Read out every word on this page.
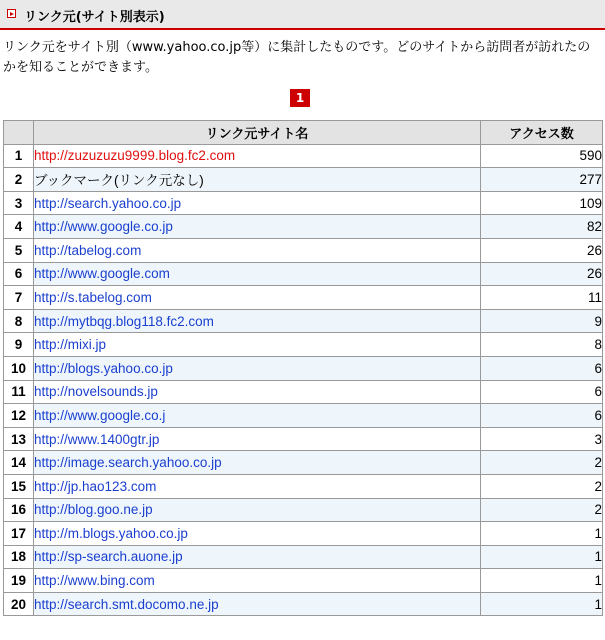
リンク元(サイト別表示)
リンク元をサイト別（www.yahoo.co.jp等）に集計したものです。どのサイトから訪問者が訪れたのかを知ることができます。
1
	リンク元サイト名	アクセス数
1	http://zuzuzuzu9999.blog.fc2.com	590
2	ブックマーク(リンク元なし)	277
3	http://search.yahoo.co.jp	109
4	http://www.google.co.jp	82
5	http://tabelog.com	26
6	http://www.google.com	26
7	http://s.tabelog.com	11
8	http://mytbqg.blog118.fc2.com	9
9	http://mixi.jp	8
10	http://blogs.yahoo.co.jp	6
11	http://novelsounds.jp	6
12	http://www.google.co.j	6
13	http://www.1400gtr.jp	3
14	http://image.search.yahoo.co.jp	2
15	http://jp.hao123.com	2
16	http://blog.goo.ne.jp	2
17	http://m.blogs.yahoo.co.jp	1
18	http://sp-search.auone.jp	1
19	http://www.bing.com	1
20	http://search.smt.docomo.ne.jp	1
